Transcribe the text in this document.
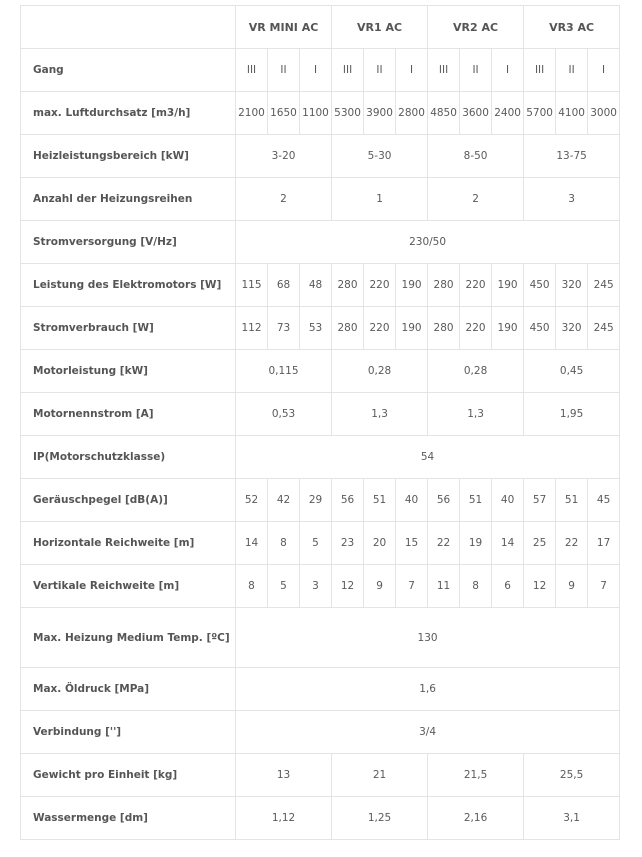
	VR MINI AC			VR1 AC			VR2 AC			VR3 AC		
Gang	III	II	I	III	II	I	III	II	I	III	II	I
max. Luftdurchsatz [m3/h]	2100	1650	1100	5300	3900	2800	4850	3600	2400	5700	4100	3000
Heizleistungsbereich [kW]	3-20			5-30			8-50			13-75		
Anzahl der Heizungsreihen	2			1			2			3		
Stromversorgung [V/Hz]	230/50											
Leistung des Elektromotors [W]	115	68	48	280	220	190	280	220	190	450	320	245
Stromverbrauch [W]	112	73	53	280	220	190	280	220	190	450	320	245
Motorleistung [kW]	0,115			0,28			0,28			0,45		
Motornennstrom [A]	0,53			1,3			1,3			1,95		
IP(Motorschutzklasse)	54											
Geräuschpegel [dB(A)]	52	42	29	56	51	40	56	51	40	57	51	45
Horizontale Reichweite [m]	14	8	5	23	20	15	22	19	14	25	22	17
Vertikale Reichweite [m]	8	5	3	12	9	7	11	8	6	12	9	7
Max. Heizung Medium Temp. [ºC]	130											
Max. Öldruck [MPa]	1,6											
Verbindung ['']	3/4											
Gewicht pro Einheit [kg]	13			21			21,5			25,5		
Wassermenge [dm]	1,12			1,25			2,16			3,1		
